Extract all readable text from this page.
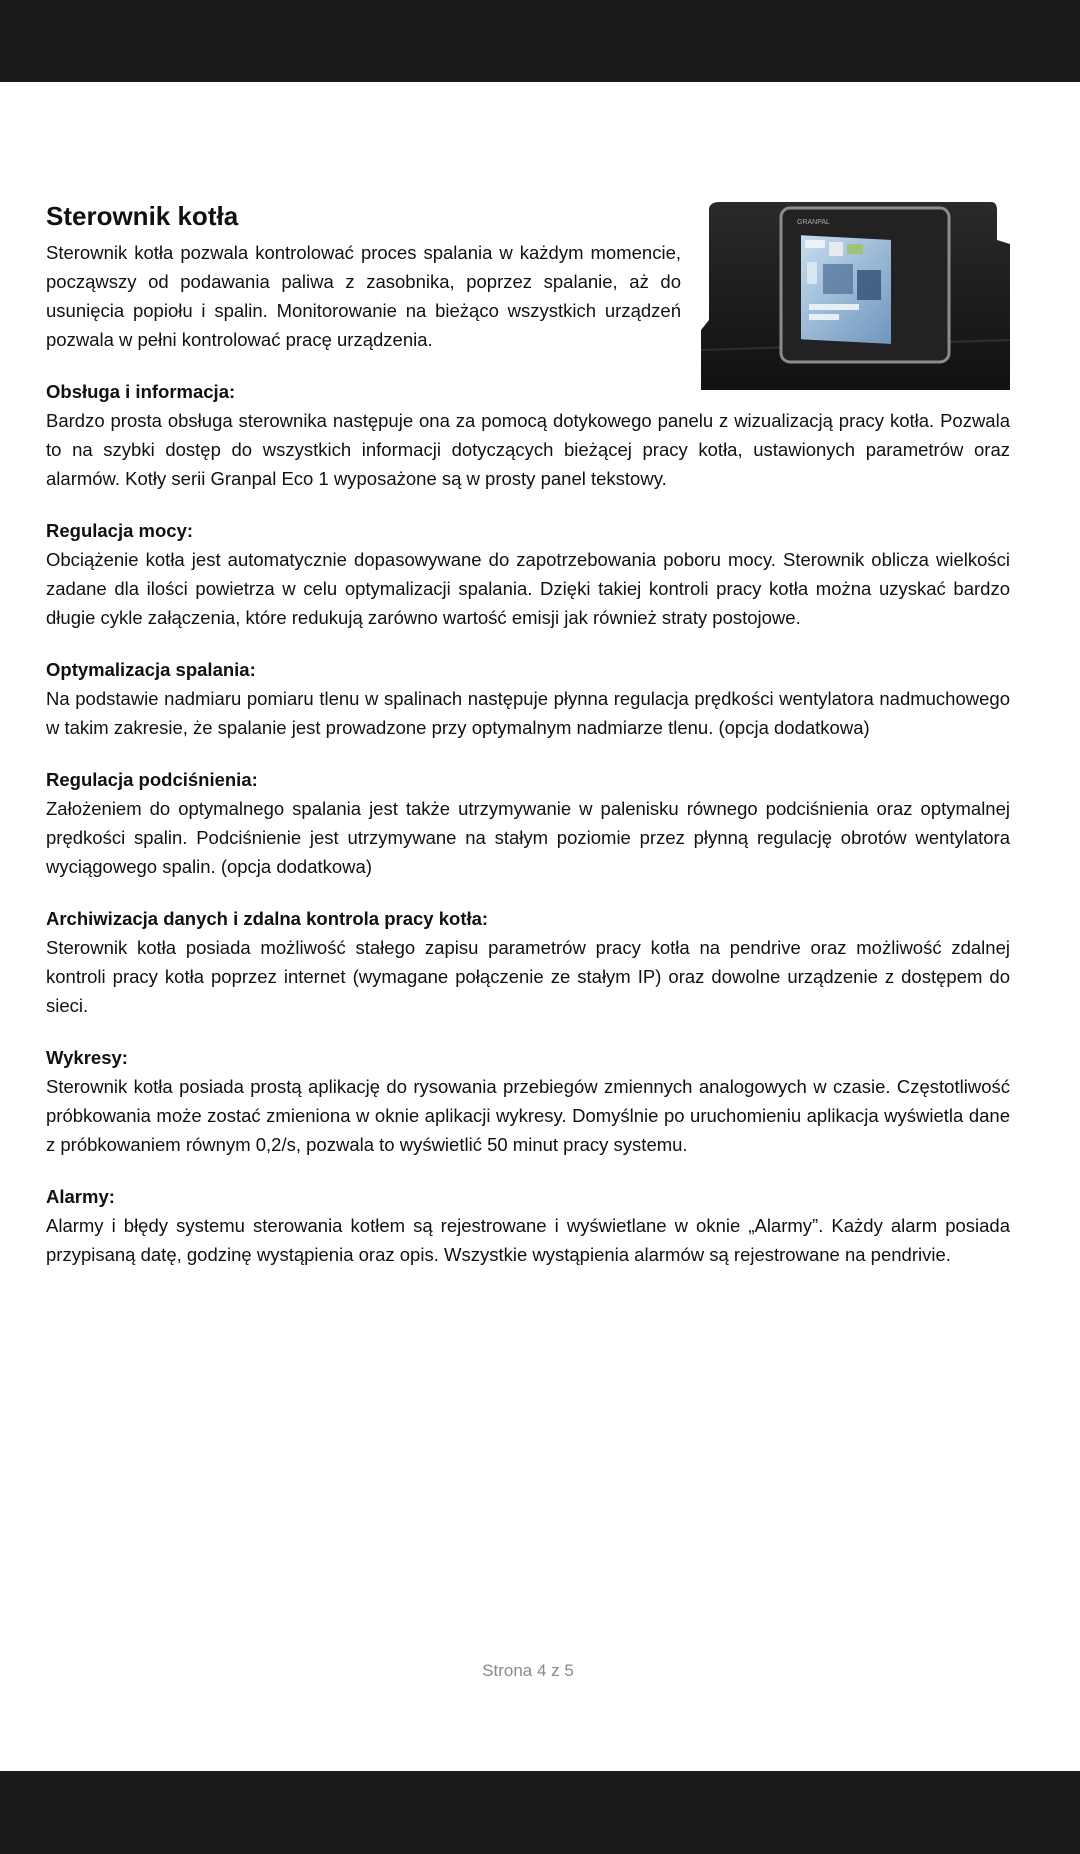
GRANPAL
Sterownik kotła

Sterownik kotła pozwala kontrolować proces spalania w każdym momencie, począwszy od podawania paliwa z zasobnika, poprzez spalanie, aż do usunięcia popiołu i spalin. Monitorowanie na bieżąco wszystkich urządzeń pozwala w pełni kontrolować pracę urządzenia.

Obsługa i informacja:

Bardzo prosta obsługa sterownika następuje ona za pomocą dotykowego panelu z wizualizacją pracy kotła. Pozwala to na szybki dostęp do wszystkich informacji dotyczących bieżącej pracy kotła, ustawionych parametrów oraz alarmów. Kotły serii Granpal Eco 1 wyposażone są w prosty panel tekstowy.

Regulacja mocy:

Obciążenie kotła jest automatycznie dopasowywane do zapotrzebowania poboru mocy. Sterownik oblicza wielkości zadane dla ilości powietrza w celu optymalizacji spalania. Dzięki takiej kontroli pracy kotła można uzyskać bardzo długie cykle załączenia, które redukują zarówno wartość emisji jak również straty postojowe.

Optymalizacja spalania:

Na podstawie nadmiaru pomiaru tlenu w spalinach następuje płynna regulacja prędkości wentylatora nadmuchowego w takim zakresie, że spalanie jest prowadzone przy optymalnym nadmiarze tlenu. (opcja dodatkowa)

Regulacja podciśnienia:

Założeniem do optymalnego spalania jest także utrzymywanie w palenisku równego podciśnienia oraz optymalnej prędkości spalin. Podciśnienie jest utrzymywane na stałym poziomie przez płynną regulację obrotów wentylatora wyciągowego spalin. (opcja dodatkowa)

Archiwizacja danych i zdalna kontrola pracy kotła:

Sterownik kotła posiada możliwość stałego zapisu parametrów pracy kotła na pendrive oraz możliwość zdalnej kontroli pracy kotła poprzez internet (wymagane połączenie ze stałym IP) oraz dowolne urządzenie z dostępem do sieci.

Wykresy:

Sterownik kotła posiada prostą aplikację do rysowania przebiegów zmiennych analogowych w czasie. Częstotliwość próbkowania może zostać zmieniona w oknie aplikacji wykresy. Domyślnie po uruchomieniu aplikacja wyświetla dane z próbkowaniem równym 0,2/s, pozwala to wyświetlić 50 minut pracy systemu.

Alarmy:

Alarmy i błędy systemu sterowania kotłem są rejestrowane i wyświetlane w oknie „Alarmy”. Każdy alarm posiada przypisaną datę, godzinę wystąpienia oraz opis. Wszystkie wystąpienia alarmów są rejestrowane na pendrivie.

Strona 4 z 5
